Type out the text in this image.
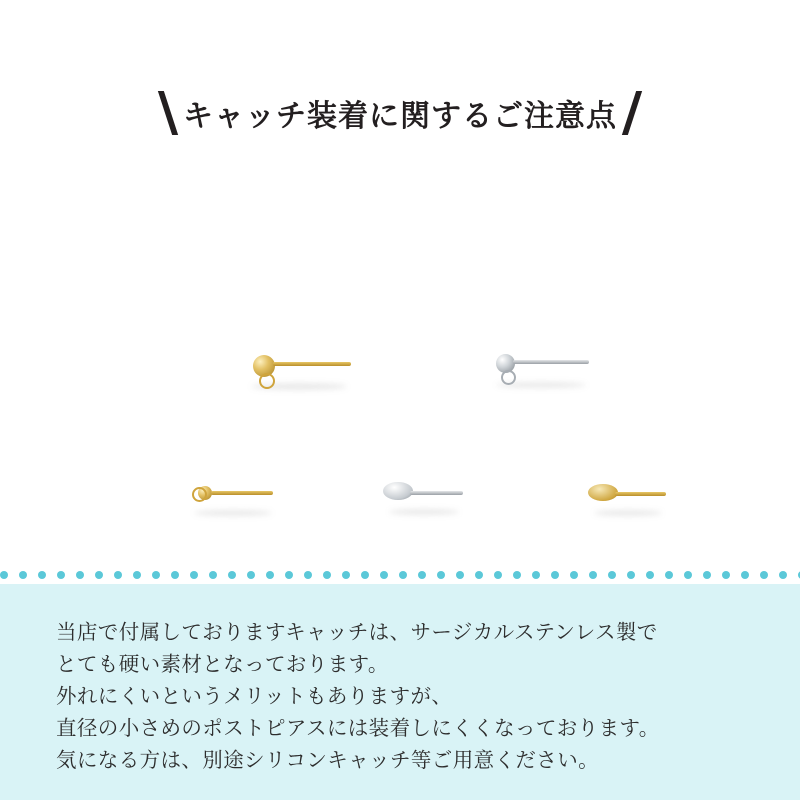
キャッチ装着に関するご注意点
当店で付属しておりますキャッチは、サージカルステンレス製で
とても硬い素材となっております。
外れにくいというメリットもありますが、
直径の小さめのポストピアスには装着しにくくなっております。
気になる方は、別途シリコンキャッチ等ご用意ください。
